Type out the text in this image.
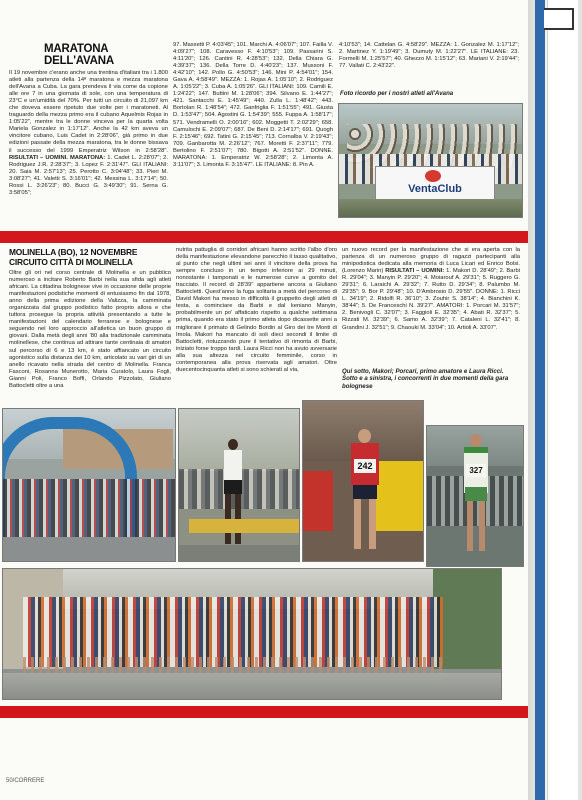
MARATONA DELL'AVANA
Il 19 novembre c'erano anche una trentina d'italiani tra i 1.800 atleti alla partenza della 14ª maratona e mezza maratona dell'Avana a Cuba. La gara prendeva il via come da copione alle ore 7 in una giornata di sole, con una temperatura di 23°C e un'umidità del 70%. Per tutti un circuito di 21,097 km che doveva essere ripetuto due volte per i maratoneti. Al traguardo della mezza primo era il cubano Aquelmis Rojas in 1:05'22", mentre tra le donne vinceva per la quarta volta Mariela Gonzalez in 1:17'12". Anche la 42 km aveva un vincitore cubano, Luis Cadet in 2:28'06", già primo in due edizioni passate della mezza maratona, tra le donne bissava il successo del 1999 Emperatriz Wilson in 2:58'28". RISULTATI – UOMINI. MARATONA: 1. Cadet L. 2:28'07"; 2. Rodriguez J.R. 2:28'37"; 3. Lopez F. 2:31'47". GLI ITALIANI: 20. Saia M. 2:57'13"; 25. Perotto C. 3:04'48"; 33. Pieri M. 3:08'27"; 41. Valetti S. 3:16'01"; 42. Messina L. 3:17'14"; 50. Rossi L. 3:26'23"; 80. Bucci G. 3:49'30"; 91. Serna G. 3:58'05";
97. Massetti P. 4:03'45"; 101. Marchi A. 4:06'07"; 107. Failla V. 4:09'27"; 108. Caravesso F. 4:10'53"; 109. Passarini S. 4:11'20"; 126. Cantini R. 4:28'53"; 132. Della Chiara G. 4:39'37"; 136. Della Torre D. 4:40'23"; 137. Mussoni F. 4:42'10"; 142. Pollo G. 4:50'53"; 146. Mini P. 4:54'01"; 154. Gava A. 4:58'49". MEZZA: 1. Rojas A. 1:05'10"; 2. Rodriguez A. 1:05'22"; 3. Cuba A. 1:05'26". GLI ITALIANI: 109. Camili E. 1:24'22"; 147. Buttini M. 1:28'06"; 394. Silvano E. 1:44'27"; 421. Santacchi E. 1:45'49"; 440. Zulla L. 1:48'42"; 443. Bortolan R. 1:48'54"; 472. Ganfriglia F. 1:51'55"; 491. Giusta D. 1:53'47"; 504. Agostini G. 1:54'39"; 555. Fuppa A. 1:58'17"; 571. Vendramelli O. 2:00'16"; 602. Moggetti T. 2:02'29"; 658. Camulochi E. 2:09'07"; 687. De Beni D. 2:14'17"; 691. Quogh F. 2:15'46"; 692. Tatini G. 2:15'45"; 713. Cornalba V. 2:19'43"; 709. Ganbarotta M. 2:26'12"; 767. Moretti F. 2:37'11"; 779. Bertolino F. 2:51'07"; 780. Bigotti A. 2:51'52". DONNE. MARATONA: 1. Emperatriz W. 2:58'28"; 2. Limonta A. 3:11'07"; 3. Limonta F. 3:15'47". LE ITALIANE: 8. Pin A.
4:10'53"; 14. Cattelan G. 4:58'29". MEZZA: 1. Gonzalez M. 1:17'12"; 2. Martinez Y. 1:19'49"; 3. Dumuty M. 1:22'27". LE ITALIANE: 23. Formelli M. 1:25'57"; 40. Ghezzo M. 1:15'12"; 63. Mariani V. 2:19'44"; 77. Vallati C. 2:43'22".
Foto ricordo per i nostri atleti all'Avana
VentaClub
MOLINELLA (BO), 12 NOVEMBRE
CIRCUITO CITTÀ DI MOLINELLA
Oltre gli ori nel corso centrale di Molinella e un pubblico numeroso a incitare Roberto Barbi nella sua sfida agli atleti africani. La cittadina bolognese vive in occasione delle proprie manifestazioni podistiche momenti di entusiasmo fin dal 1978, anno della prima edizione della Valizza, la camminata organizzata dal gruppo podistico fatto proprio allora e che tuttora prosegue la propria attività presentando a tutte le manifestazioni del calendario ferrarese e bolognese e seguendo nel loro approccio all'atletica un buon gruppo di giovani. Dalla metà degli anni '80 alla tradizionale camminata molinellese, che continua ad attirare tante centinaia di amatori sul percorso di 6 e 13 km, è stato affiancato un circuito agonistico sulla distanza dei 10 km, articolato su vari giri di un anello ricavato nella strada del centro di Molinella. Franca Fasconi, Rosanna Munerotto, Maria Curatolo, Laura Fogli, Gianni Poli, Franco Boffi, Orlando Pizzolato, Giuliano Battocletti oltre a una
nutrita pattuglia di corridori africani hanno scritto l'albo d'oro della manifestazione elevandone parecchio il tasso qualitativo, al punto che negli ultimi sei anni il vincitore della prova ha sempre concluso in un tempo inferiore ai 29 minuti, nonostante i tamponati e le numerose curve a gomito del tracciato. Il record di 28'39" appartiene ancora a Giuliano Battocletti. Quest'anno la fuga solitaria a metà del percorso di David Makori ha messo in difficoltà il gruppetto degli atleti di testa, a cominciare da Barbi e dal keniano Manyin, probabilmente un po' affaticato rispetto a qualche settimana prima, quando era stato il primo atleta dopo dicassette anni a migliorare il primato di Gelindo Bordin al Giro dei tre Monti di Imola. Makori ha mancato di soli dieci secondi il limite di Battocletti, rintuzzando pure il tentativo di rimonta di Barbi, iniziato forse troppo tardi. Laura Ricci non ha avuto avversarie alla sua altezza nel circuito femminile, corso in contemporanea alla prova riservata agli amatori. Oltre duecentocinquanta atleti si sono schierati al via,
un nuovo record per la manifestazione che si era aperta con la partenza di un numeroso gruppo di ragazzi partecipanti alla minipodistica dedicata alla memoria di Luca Licari ed Enrico Bolsi. (Lorenzo Marin) RISULTATI – UOMINI: 1. Makori D. 28'49"; 2. Barbi R. 29'04"; 3. Manyin P. 29'20"; 4. Moiarouf A. 29'31"; 5. Ruggero G. 29'31"; 6. Laraichi A. 29'32"; 7. Rutto D. 29'34"; 8. Palumbo M. 29'35"; 9. Bor P. 29'48"; 10. D'Ambrosio D. 29'55". DONNE: 1. Ricci L. 34'19"; 2. Ridolfi R. 36'10"; 3. Zouhir S. 38'14"; 4. Bianchini K. 38'44"; 5. De Franceschi N. 39'27". AMATORI: 1. Porcari M. 31'57"; 2. Benivogli C. 32'07"; 3. Faggioli E. 32'35"; 4. Abati R. 32'37"; 5. Rizzati M. 32'39"; 6. Samo A. 32'39"; 7. Cataleni L. 32'41"; 8. Grandini J. 32'51"; 9. Chaouki M. 33'04"; 10. Artioli A. 33'07".
Qui sotto, Makori; Porcari, primo amatore e Laura Ricci. Sotto e a sinistra, i concorrenti in due momenti della gara bolognese
242	327
50/CORRERE
